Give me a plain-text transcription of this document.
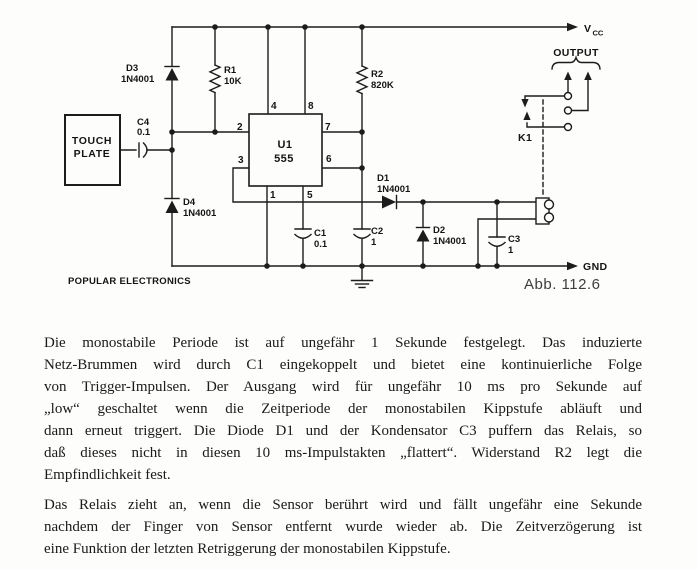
TOUCH
PLATE
U1
555
2
3
7
6
4	8
1	5
D3
1N4001
R1
10K
R2
820K
C4
0.1
D4
1N4001
D1
1N4001
D2
1N4001
C1
0.1
C2
1	C3
1
K1
V CC
GND
OUTPUT
POPULAR ELECTRONICS	Abb. 112.6
Die monostabile Periode ist auf ungefähr 1 Sekunde festgelegt. Das induzierte
Netz-Brummen wird durch C1 eingekoppelt und bietet eine kontinuierliche Folge
von Trigger-Impulsen. Der Ausgang wird für ungefähr 10 ms pro Sekunde auf
„low“ geschaltet wenn die Zeitperiode der monostabilen Kippstufe abläuft und
dann erneut triggert. Die Diode D1 und der Kondensator C3 puffern das Relais, so
daß dieses nicht in diesen 10 ms-Impulstakten „flattert“. Widerstand R2 legt die
Empfindlichkeit fest.
Das Relais zieht an, wenn die Sensor berührt wird und fällt ungefähr eine Sekunde
nachdem der Finger von Sensor entfernt wurde wieder ab. Die Zeitverzögerung ist
eine Funktion der letzten Retriggerung der monostabilen Kippstufe.
